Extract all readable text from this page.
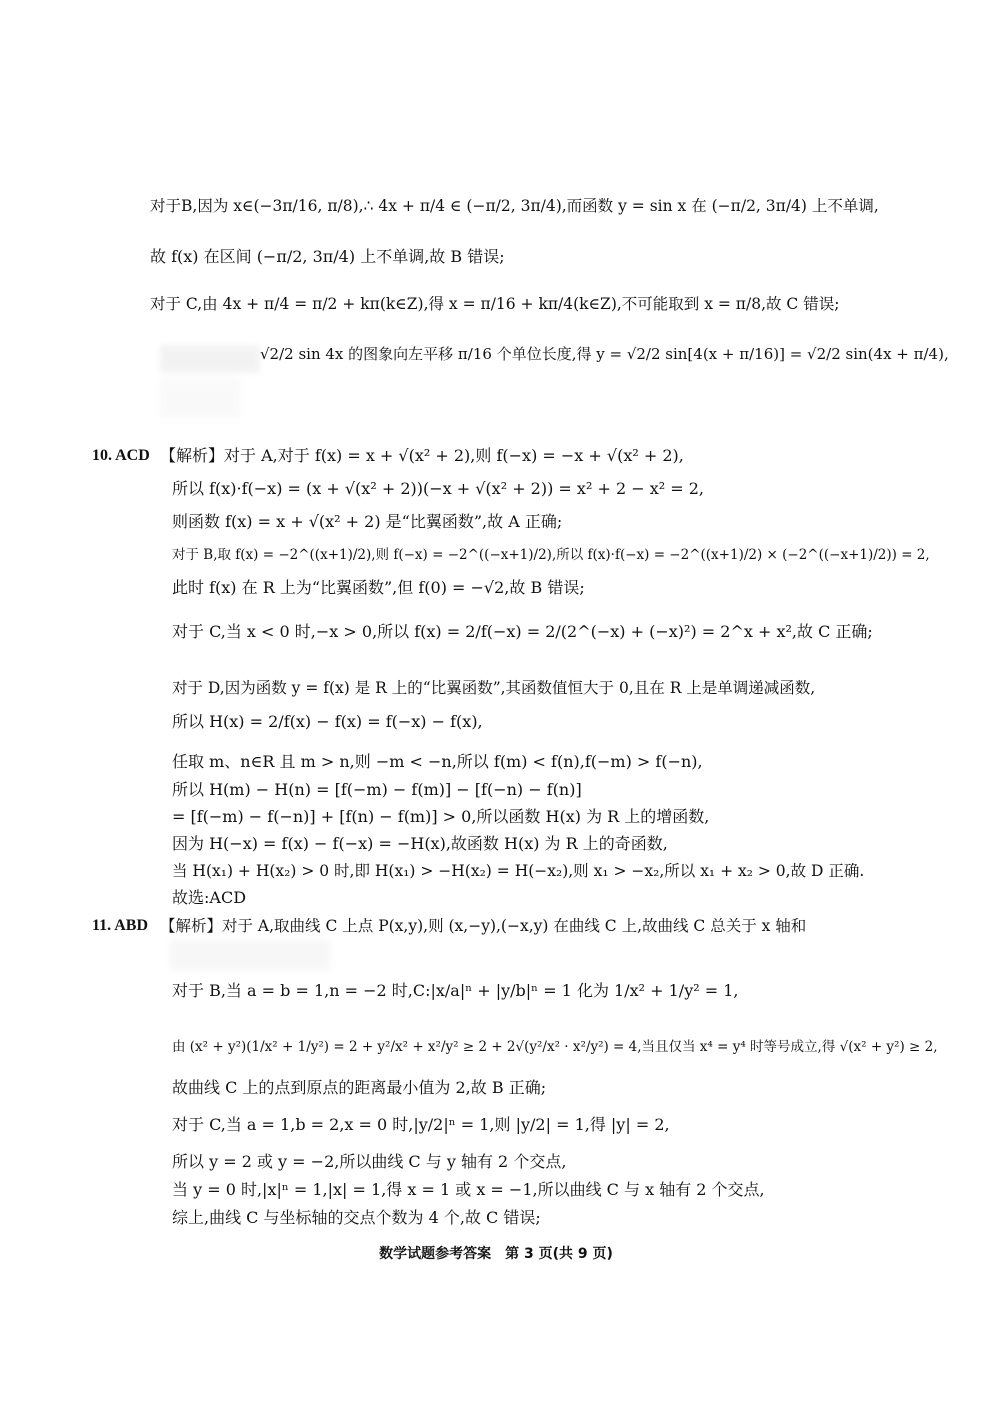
对于B,因为 x∈(−3π/16, π/8),∴ 4x + π/4 ∈ (−π/2, 3π/4),而函数 y = sin x 在 (−π/2, 3π/4) 上不单调,
故 f(x) 在区间 (−π/2, 3π/4) 上不单调,故 B 错误;
对于 C,由 4x + π/4 = π/2 + kπ(k∈Z),得 x = π/16 + kπ/4(k∈Z),不可能取到 x = π/8,故 C 错误;
√2/2 sin 4x 的图象向左平移 π/16 个单位长度,得 y = √2/2 sin[4(x + π/16)] = √2/2 sin(4x + π/4),
10. ACD 【解析】对于 A,对于 f(x) = x + √(x² + 2),则 f(−x) = −x + √(x² + 2),
所以 f(x)·f(−x) = (x + √(x² + 2))(−x + √(x² + 2)) = x² + 2 − x² = 2,
则函数 f(x) = x + √(x² + 2) 是“比翼函数”,故 A 正确;
对于 B,取 f(x) = −2^((x+1)/2),则 f(−x) = −2^((−x+1)/2),所以 f(x)·f(−x) = −2^((x+1)/2) × (−2^((−x+1)/2)) = 2,
此时 f(x) 在 R 上为“比翼函数”,但 f(0) = −√2,故 B 错误;
对于 C,当 x < 0 时,−x > 0,所以 f(x) = 2/f(−x) = 2/(2^(−x) + (−x)²) = 2^x + x²,故 C 正确;
对于 D,因为函数 y = f(x) 是 R 上的“比翼函数”,其函数值恒大于 0,且在 R 上是单调递减函数,
所以 H(x) = 2/f(x) − f(x) = f(−x) − f(x),
任取 m、n∈R 且 m > n,则 −m < −n,所以 f(m) < f(n),f(−m) > f(−n),
所以 H(m) − H(n) = [f(−m) − f(m)] − [f(−n) − f(n)]
= [f(−m) − f(−n)] + [f(n) − f(m)] > 0,所以函数 H(x) 为 R 上的增函数,
因为 H(−x) = f(x) − f(−x) = −H(x),故函数 H(x) 为 R 上的奇函数,
当 H(x₁) + H(x₂) > 0 时,即 H(x₁) > −H(x₂) = H(−x₂),则 x₁ > −x₂,所以 x₁ + x₂ > 0,故 D 正确.
故选:ACD
11. ABD 【解析】对于 A,取曲线 C 上点 P(x,y),则 (x,−y),(−x,y) 在曲线 C 上,故曲线 C 总关于 x 轴和
对于 B,当 a = b = 1,n = −2 时,C:|x/a|ⁿ + |y/b|ⁿ = 1 化为 1/x² + 1/y² = 1,
由 (x² + y²)(1/x² + 1/y²) = 2 + y²/x² + x²/y² ≥ 2 + 2√(y²/x² · x²/y²) = 4,当且仅当 x⁴ = y⁴ 时等号成立,得 √(x² + y²) ≥ 2,
故曲线 C 上的点到原点的距离最小值为 2,故 B 正确;
对于 C,当 a = 1,b = 2,x = 0 时,|y/2|ⁿ = 1,则 |y/2| = 1,得 |y| = 2,
所以 y = 2 或 y = −2,所以曲线 C 与 y 轴有 2 个交点,
当 y = 0 时,|x|ⁿ = 1,|x| = 1,得 x = 1 或 x = −1,所以曲线 C 与 x 轴有 2 个交点,
综上,曲线 C 与坐标轴的交点个数为 4 个,故 C 错误;
数学试题参考答案　第 3 页(共 9 页)
